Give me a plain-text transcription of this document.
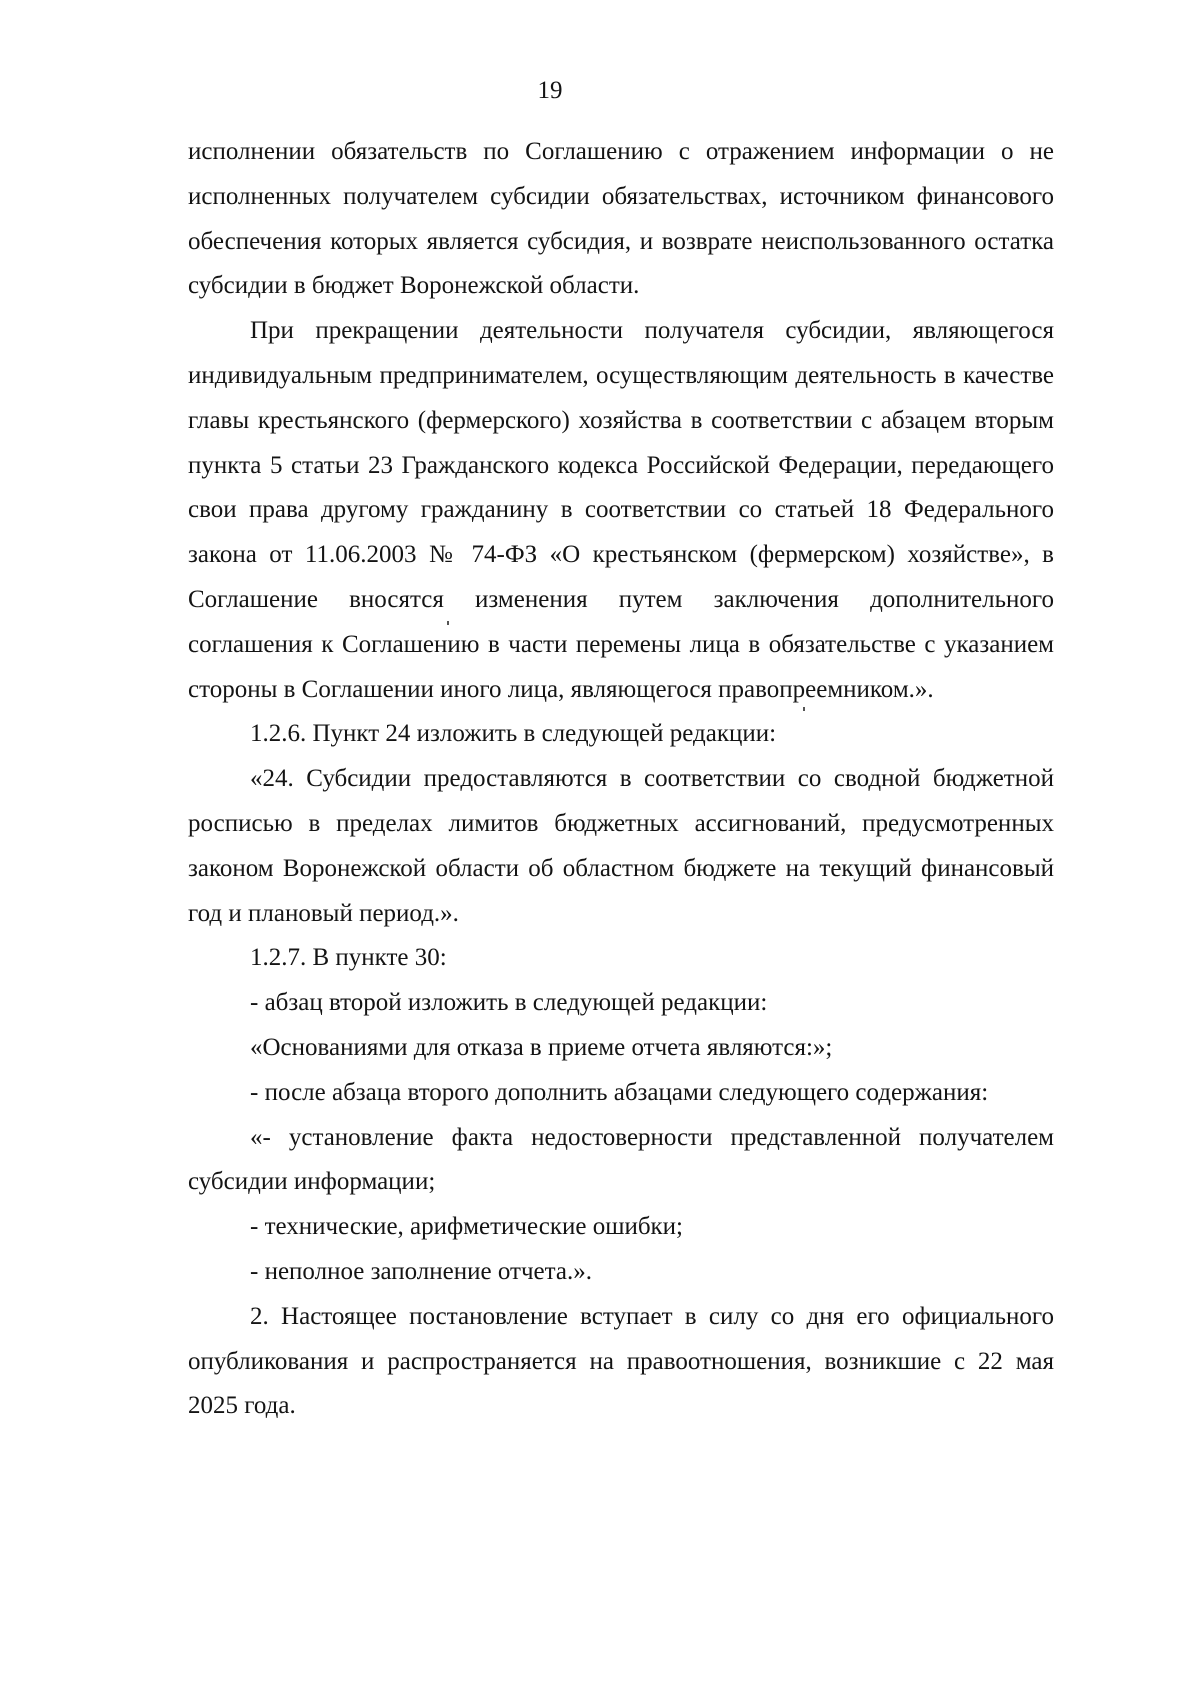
19

исполнении обязательств по Соглашению с отражением информации о не исполненных получателем субсидии обязательствах, источником финансового обеспечения которых является субсидия, и возврате неиспользованного остатка субсидии в бюджет Воронежской области.

При прекращении деятельности получателя субсидии, являющегося индивидуальным предпринимателем, осуществляющим деятельность в качестве главы крестьянского (фермерского) хозяйства в соответствии с абзацем вторым пункта 5 статьи 23 Гражданского кодекса Российской Федерации, передающего свои права другому гражданину в соответствии со статьей 18 Федерального закона от 11.06.2003 № 74-ФЗ «О крестьянском (фермерском) хозяйстве», в Соглашение вносятся изменения путем заключения дополнительного соглашения к Соглашению в части перемены лица в обязательстве с указанием стороны в Соглашении иного лица, являющегося правопреемником.».

1.2.6. Пункт 24 изложить в следующей редакции:

«24. Субсидии предоставляются в соответствии со сводной бюджетной росписью в пределах лимитов бюджетных ассигнований, предусмотренных законом Воронежской области об областном бюджете на текущий финансовый год и плановый период.».

1.2.7. В пункте 30:

- абзац второй изложить в следующей редакции:

«Основаниями для отказа в приеме отчета являются:»;

- после абзаца второго дополнить абзацами следующего содержания:

«- установление факта недостоверности представленной получателем субсидии информации;

- технические, арифметические ошибки;

- неполное заполнение отчета.».

2. Настоящее постановление вступает в силу со дня его официального опубликования и распространяется на правоотношения, возникшие с 22 мая 2025 года.
